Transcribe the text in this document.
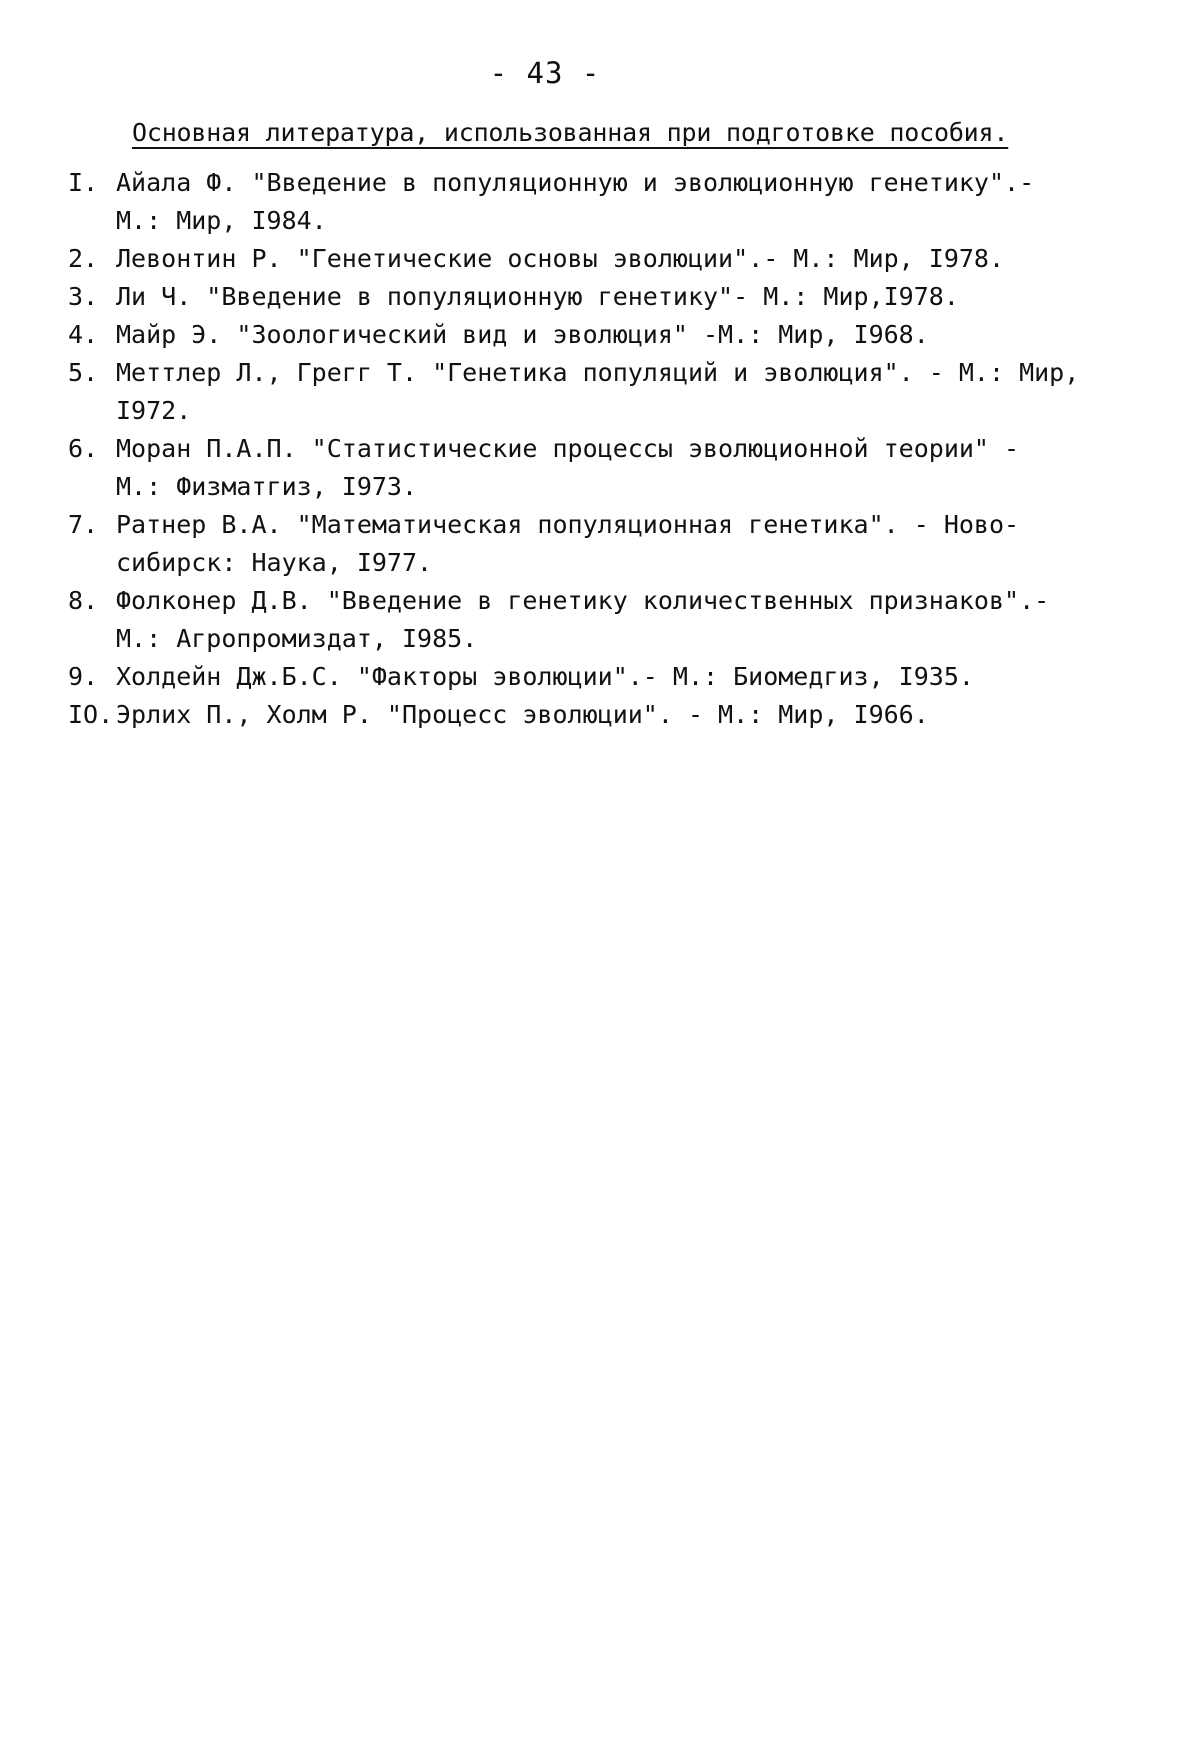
- 43 -
Основная литература, использованная при подготовке пособия.
I. Айала Ф. "Введение в популяционную и эволюционную генетику".-
М.: Мир, I984.
2. Левонтин Р. "Генетические основы эволюции".- М.: Мир, I978.
3. Ли Ч. "Введение в популяционную генетику"- М.: Мир,I978.
4. Майр Э. "Зоологический вид и эволюция" -М.: Мир, I968.
5. Меттлер Л., Грегг Т. "Генетика популяций и эволюция". - М.: Мир,
I972.
6. Моран П.А.П. "Статистические процессы эволюционной теории" -
М.: Физматгиз, I973.
7. Ратнер В.А. "Математическая популяционная генетика". - Ново-
сибирск: Наука, I977.
8. Фолконер Д.В. "Введение в генетику количественных признаков".-
М.: Агропромиздат, I985.
9. Холдейн Дж.Б.С. "Факторы эволюции".- М.: Биомедгиз, I935.
IO. Эрлих П., Холм Р. "Процесс эволюции". - М.: Мир, I966.
